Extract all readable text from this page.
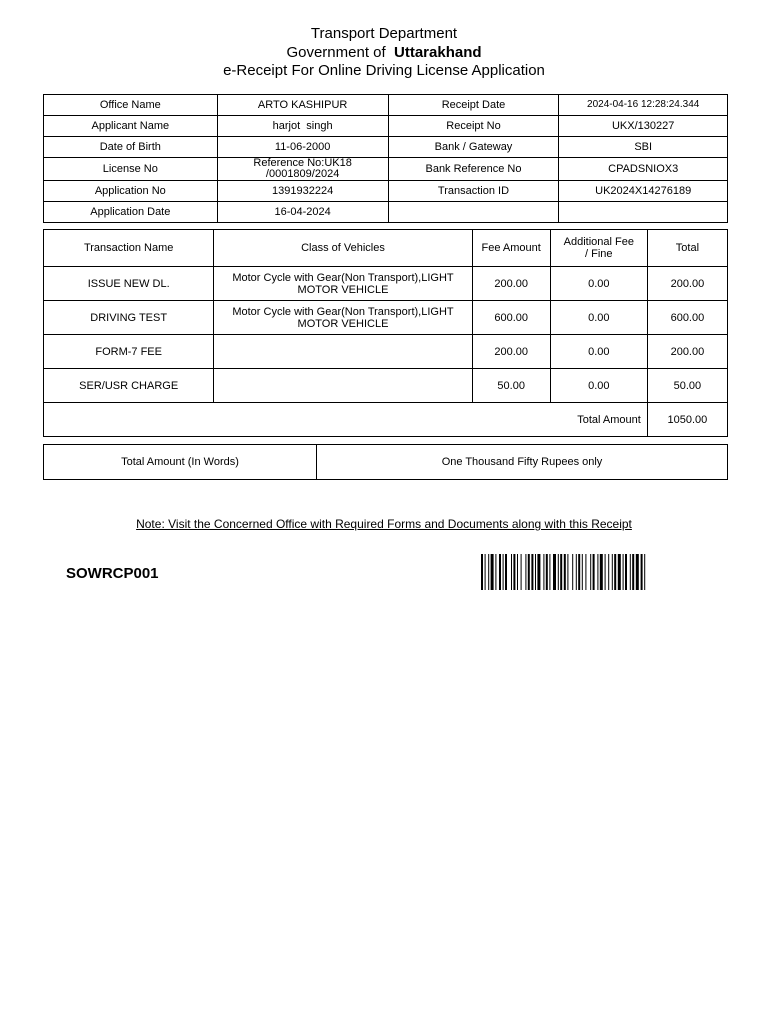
Transport Department
Government of Uttarakhand
e-Receipt For Online Driving License Application
Office Name	ARTO KASHIPUR	Receipt Date	2024-04-16 12:28:24.344
Applicant Name	harjot  singh	Receipt No	UKX/130227
Date of Birth	11-06-2000	Bank / Gateway	SBI
License No	Reference No:UK18 /0001809/2024	Bank Reference No	CPADSNIOX3
Application No	1391932224	Transaction ID	UK2024X14276189
Application Date	16-04-2024		
Transaction Name	Class of Vehicles	Fee Amount	Additional Fee / Fine	Total
ISSUE NEW DL.	Motor Cycle with Gear(Non Transport),LIGHT MOTOR VEHICLE	200.00	0.00	200.00
DRIVING TEST	Motor Cycle with Gear(Non Transport),LIGHT MOTOR VEHICLE	600.00	0.00	600.00
FORM-7 FEE		200.00	0.00	200.00
SER/USR CHARGE		50.00	0.00	50.00
Total Amount				1050.00
Total Amount (In Words)	One Thousand Fifty Rupees only
Note: Visit the Concerned Office with Required Forms and Documents along with this Receipt
SOWRCP001
